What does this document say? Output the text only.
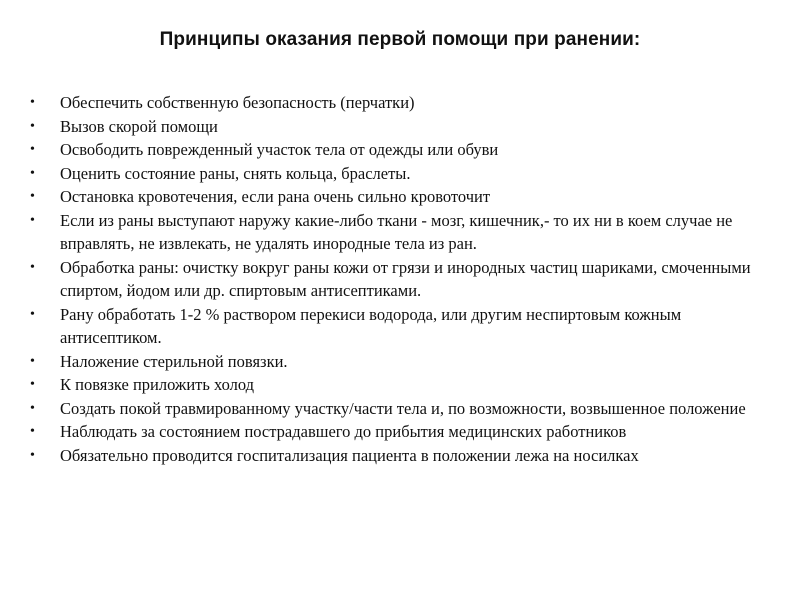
Принципы оказания первой помощи при ранении:
•	Обеспечить собственную безопасность (перчатки)
•	Вызов скорой помощи
•	Освободить поврежденный участок тела от одежды или обуви
•	Оценить состояние раны, снять кольца, браслеты.
•	Остановка кровотечения, если рана очень сильно кровоточит
•	Если из раны выступают наружу какие-либо ткани - мозг, кишечник,- то их ни в коем случае не вправлять, не извлекать, не удалять инородные тела из ран.
•	Обработка раны: очистку вокруг раны кожи от грязи и инородных частиц шариками, смоченными спиртом, йодом или др. спиртовым антисептиками.
•	Рану обработать 1-2 % раствором перекиси водорода, или другим неспиртовым кожным антисептиком.
•	Наложение стерильной повязки.
•	К повязке приложить холод
•	Создать покой травмированному участку/части тела и, по возможности, возвышенное положение
•	Наблюдать за состоянием пострадавшего до прибытия медицинских работников
•	Обязательно проводится госпитализация пациента в положении лежа на носилках
